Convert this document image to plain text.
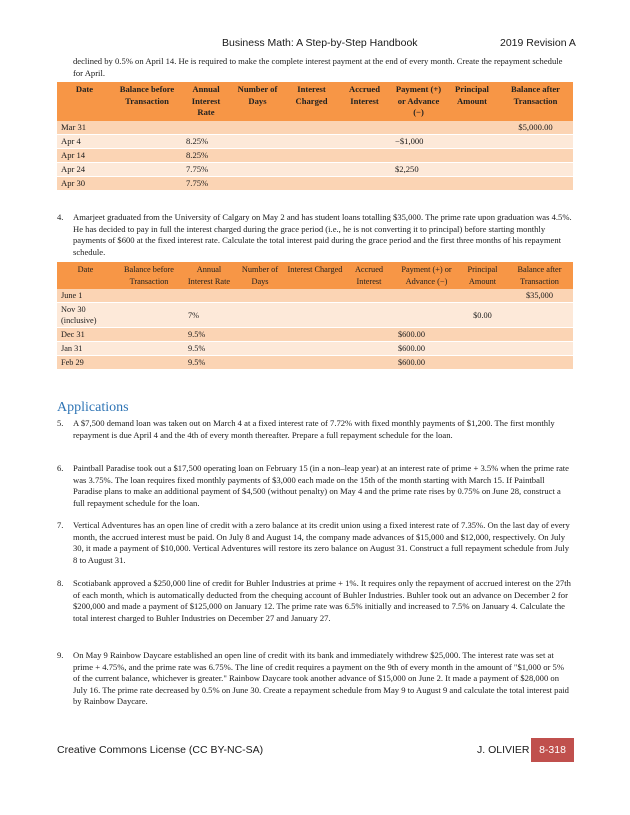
Business Math: A Step-by-Step Handbook	2019 Revision A
declined by 0.5% on April 14. He is required to make the complete interest payment at the end of every month. Create the repayment schedule for April.
Date	Balance before Transaction	Annual Interest Rate	Number of Days	Interest Charged	Accrued Interest	Payment (+) or Advance (−)	Principal Amount	Balance after Transaction
Mar 31								$5,000.00
Apr 4		8.25%				−$1,000		
Apr 14		8.25%						
Apr 24		7.75%				$2,250		
Apr 30		7.75%						
4. Amarjeet graduated from the University of Calgary on May 2 and has student loans totalling $35,000. The prime rate upon graduation was 4.5%. He has decided to pay in full the interest charged during the grace period (i.e., he is not converting it to principal) before starting monthly payments of $600 at the fixed interest rate. Calculate the total interest paid during the grace period and the first three months of his repayment schedule.
Date	Balance before Transaction	Annual Interest Rate	Number of Days	Interest Charged	Accrued Interest	Payment (+) or Advance (−)	Principal Amount	Balance after Transaction
June 1								$35,000
Nov 30 (inclusive)		7%					$0.00	
Dec 31		9.5%				$600.00		
Jan 31		9.5%				$600.00		
Feb 29		9.5%				$600.00		
Applications
5. A $7,500 demand loan was taken out on March 4 at a fixed interest rate of 7.72% with fixed monthly payments of $1,200. The first monthly repayment is due April 4 and the 4th of every month thereafter. Prepare a full repayment schedule for the loan.
6. Paintball Paradise took out a $17,500 operating loan on February 15 (in a non–leap year) at an interest rate of prime + 3.5% when the prime rate was 3.75%. The loan requires fixed monthly payments of $3,000 each made on the 15th of the month starting with March 15. If Paintball Paradise plans to make an additional payment of $4,500 (without penalty) on May 4 and the prime rate rises by 0.75% on June 28, construct a full repayment schedule for the loan.
7. Vertical Adventures has an open line of credit with a zero balance at its credit union using a fixed interest rate of 7.35%. On the last day of every month, the accrued interest must be paid. On July 8 and August 14, the company made advances of $15,000 and $12,000, respectively. On July 30, it made a payment of $10,000. Vertical Adventures will restore its zero balance on August 31. Construct a full repayment schedule from July 8 to August 31.
8. Scotiabank approved a $250,000 line of credit for Buhler Industries at prime + 1%. It requires only the repayment of accrued interest on the 27th of each month, which is automatically deducted from the chequing account of Buhler Industries. Buhler took out an advance on December 2 for $200,000 and made a payment of $125,000 on January 12. The prime rate was 6.5% initially and increased to 7.5% on January 4. Calculate the total interest charged to Buhler Industries on December 27 and January 27.
9. On May 9 Rainbow Daycare established an open line of credit with its bank and immediately withdrew $25,000. The interest rate was set at prime + 4.75%, and the prime rate was 6.75%. The line of credit requires a payment on the 9th of every month in the amount of "$1,000 or 5% of the current balance, whichever is greater." Rainbow Daycare took another advance of $15,000 on June 2. It made a payment of $28,000 on July 16. The prime rate decreased by 0.5% on June 30. Create a repayment schedule from May 9 to August 9 and calculate the total interest paid by Rainbow Daycare.
Creative Commons License (CC BY-NC-SA)	J. OLIVIER 8-318
